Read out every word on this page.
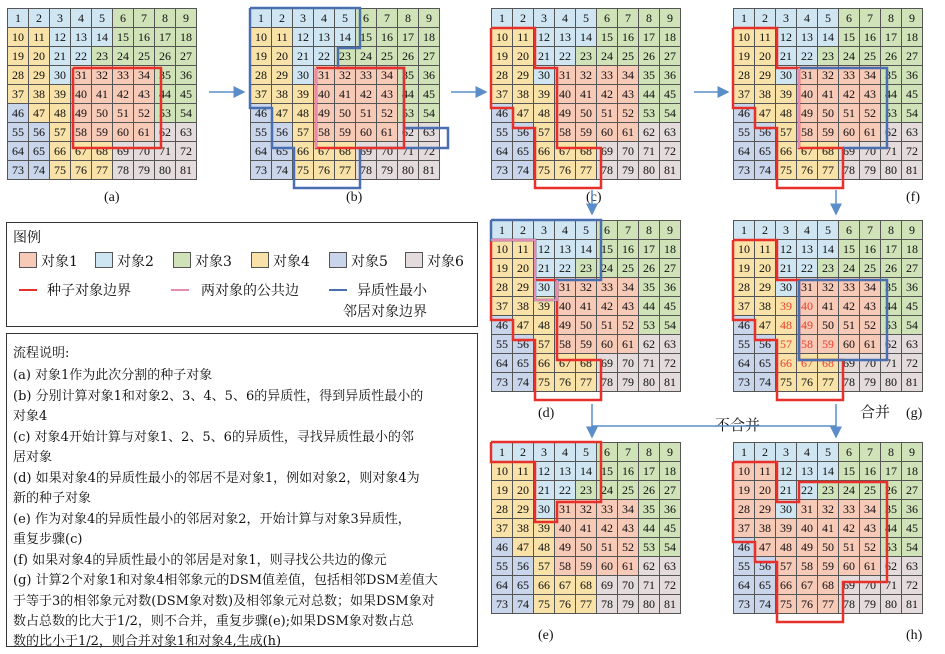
1	2	3	4	5	6	7	8	9
10	11	12	13	14	15	16	17	18
19	20	21	22	23	24	25	26	27
28	29	30	31	32	33	34	35	36
37	38	39	40	41	42	43	44	45
46	47	48	49	50	51	52	53	54
55	56	57	58	59	60	61	62	63
64	65	66	67	68	69	70	71	72
73	74	75	76	77	78	79	80	81
1	2	3	4	5	6	7	8	9
10	11	12	13	14	15	16	17	18
19	20	21	22	23	24	25	26	27
28	29	30	31	32	33	34	35	36
37	38	39	40	41	42	43	44	45
46	47	48	49	50	51	52	53	54
55	56	57	58	59	60	61	62	63
64	65	66	67	68	69	70	71	72
73	74	75	76	77	78	79	80	81
1	2	3	4	5	6	7	8	9
10	11	12	13	14	15	16	17	18
19	20	21	22	23	24	25	26	27
28	29	30	31	32	33	34	35	36
37	38	39	40	41	42	43	44	45
46	47	48	49	50	51	52	53	54
55	56	57	58	59	60	61	62	63
64	65	66	67	68	69	70	71	72
73	74	75	76	77	78	79	80	81
1	2	3	4	5	6	7	8	9
10	11	12	13	14	15	16	17	18
19	20	21	22	23	24	25	26	27
28	29	30	31	32	33	34	35	36
37	38	39	40	41	42	43	44	45
46	47	48	49	50	51	52	53	54
55	56	57	58	59	60	61	62	63
64	65	66	67	68	69	70	71	72
73	74	75	76	77	78	79	80	81
1	2	3	4	5	6	7	8	9
10	11	12	13	14	15	16	17	18
19	20	21	22	23	24	25	26	27
28	29	30	31	32	33	34	35	36
37	38	39	40	41	42	43	44	45
46	47	48	49	50	51	52	53	54
55	56	57	58	59	60	61	62	63
64	65	66	67	68	69	70	71	72
73	74	75	76	77	78	79	80	81
1	2	3	4	5	6	7	8	9
10	11	12	13	14	15	16	17	18
19	20	21	22	23	24	25	26	27
28	29	30	31	32	33	34	35	36
37	38	39	40	41	42	43	44	45
46	47	48	49	50	51	52	53	54
55	56	57	58	59	60	61	62	63
64	65	66	67	68	69	70	71	72
73	74	75	76	77	78	79	80	81
1	2	3	4	5	6	7	8	9
10	11	12	13	14	15	16	17	18
19	20	21	22	23	24	25	26	27
28	29	30	31	32	33	34	35	36
37	38	39	40	41	42	43	44	45
46	47	48	49	50	51	52	53	54
55	56	57	58	59	60	61	62	63
64	65	66	67	68	69	70	71	72
73	74	75	76	77	78	79	80	81
1	2	3	4	5	6	7	8	9
10	11	12	13	14	15	16	17	18
19	20	21	22	23	24	25	26	27
28	29	30	31	32	33	34	35	36
37	38	39	40	41	42	43	44	45
46	47	48	49	50	51	52	53	54
55	56	57	58	59	60	61	62	63
64	65	66	67	68	69	70	71	72
73	74	75	76	77	78	79	80	81
(a)	(b)	(c)	(f)
(d)	(g)
(e)	(h)
不合并
合并
图例
对象1	对象2	对象3	对象4	对象5	对象6
种子对象边界	两对象的公共边	异质性最小
邻居对象边界
流程说明:
(a) 对象1作为此次分割的种子对象
(b) 分别计算对象1和对象2、3、4、5、6的异质性，得到异质性最小的
对象4
(c) 对象4开始计算与对象1、2、5、6的异质性，寻找异质性最小的邻
居对象
(d) 如果对象4的异质性最小的邻居不是对象1，例如对象2，则对象4为
新的种子对象
(e) 作为对象4的异质性最小的邻居对象2，开始计算与对象3异质性，
重复步骤(c)
(f) 如果对象4的异质性最小的邻居是对象1，则寻找公共边的像元
(g) 计算2个对象1和对象4相邻象元的DSM值差值，包括相邻DSM差值大
于等于3的相邻象元对数(DSM象对数)及相邻象元对总数；如果DSM象对
数占总数的比大于1/2，则不合并，重复步骤(e);如果DSM象对数占总
数的比小于1/2，则合并对象1和对象4,生成(h)
